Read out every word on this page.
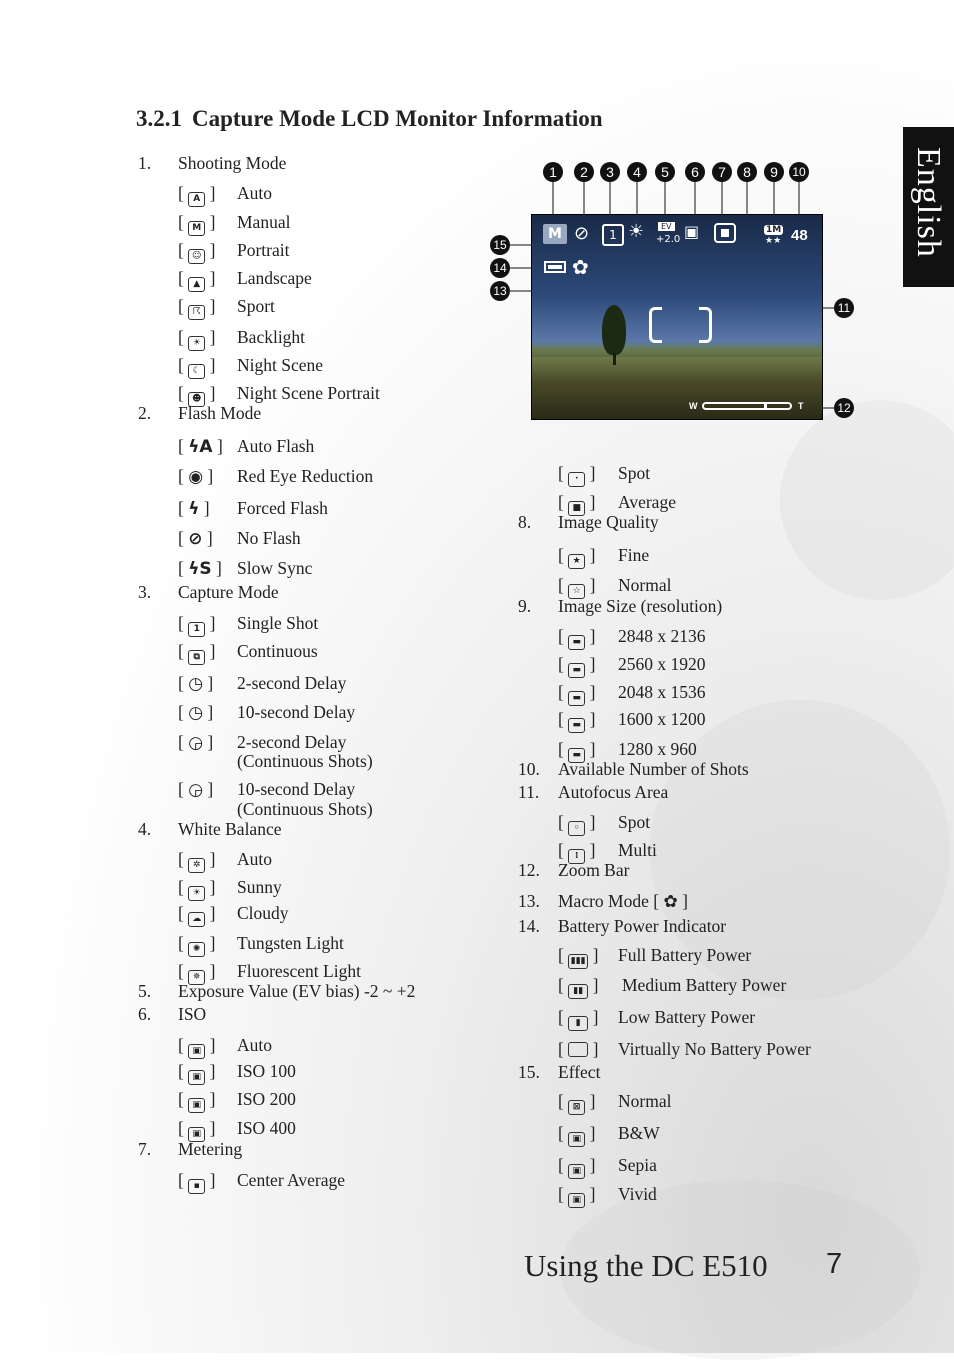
English
3.2.1 Capture Mode LCD Monitor Information
1. Shooting Mode
[ A ] Auto
[ M ] Manual
[ ☺ ] Portrait
[ ▲ ] Landscape
[ ☈ ] Sport
[ ☀ ] Backlight
[ ☾ ] Night Scene
[ ☻ ] Night Scene Portrait
2. Flash Mode
[ ϟA ] Auto Flash
[ ◉ ] Red Eye Reduction
[ ϟ ] Forced Flash
[ ⊘ ] No Flash
[ ϟS ] Slow Sync
3. Capture Mode
[ 1 ] Single Shot
[ ⧉ ] Continuous
[ ◷ ] 2-second Delay
[ ◷ ] 10-second Delay
[ ◶ ] 2-second Delay
(Continuous Shots)
[ ◶ ] 10-second Delay
(Continuous Shots)
4. White Balance
[ ✲ ] Auto
[ ☀ ] Sunny
[ ☁ ] Cloudy
[ ✺ ] Tungsten Light
[ ✵ ] Fluorescent Light
5. Exposure Value (EV bias) -2 ~ +2
6. ISO
[ ▣ ] Auto
[ ▣ ] ISO 100
[ ▣ ] ISO 200
[ ▣ ] ISO 400
7. Metering
[ ▪ ] Center Average
1	2	3	4	5	6	7	8	9	10
15
14
13
11
12
M ⊘	1 ☀	EV
+2.0 ▣	1M
★★ 48
✿
W	T
[ · ] Spot
[ ■ ] Average
8. Image Quality
[ ★ ] Fine
[ ☆ ] Normal
9. Image Size (resolution)
[ ▬ ] 2848 x 2136
[ ▬ ] 2560 x 1920
[ ▬ ] 2048 x 1536
[ ▬ ] 1600 x 1200
[ ▬ ] 1280 x 960
10. Available Number of Shots
11. Autofocus Area
[ ◦ ] Spot
[ ⁞ ] Multi
12. Zoom Bar
13. Macro Mode [ ✿ ]
14. Battery Power Indicator
[ ▮▮▮ ] Full Battery Power
[ ▮▮ ] Medium Battery Power
[ ▮ ] Low Battery Power
[  ] Virtually No Battery Power
15. Effect
[ ⊠ ] Normal
[ ▣ ] B&W
[ ▣ ] Sepia
[ ▣ ] Vivid
Using the DC E510 7
